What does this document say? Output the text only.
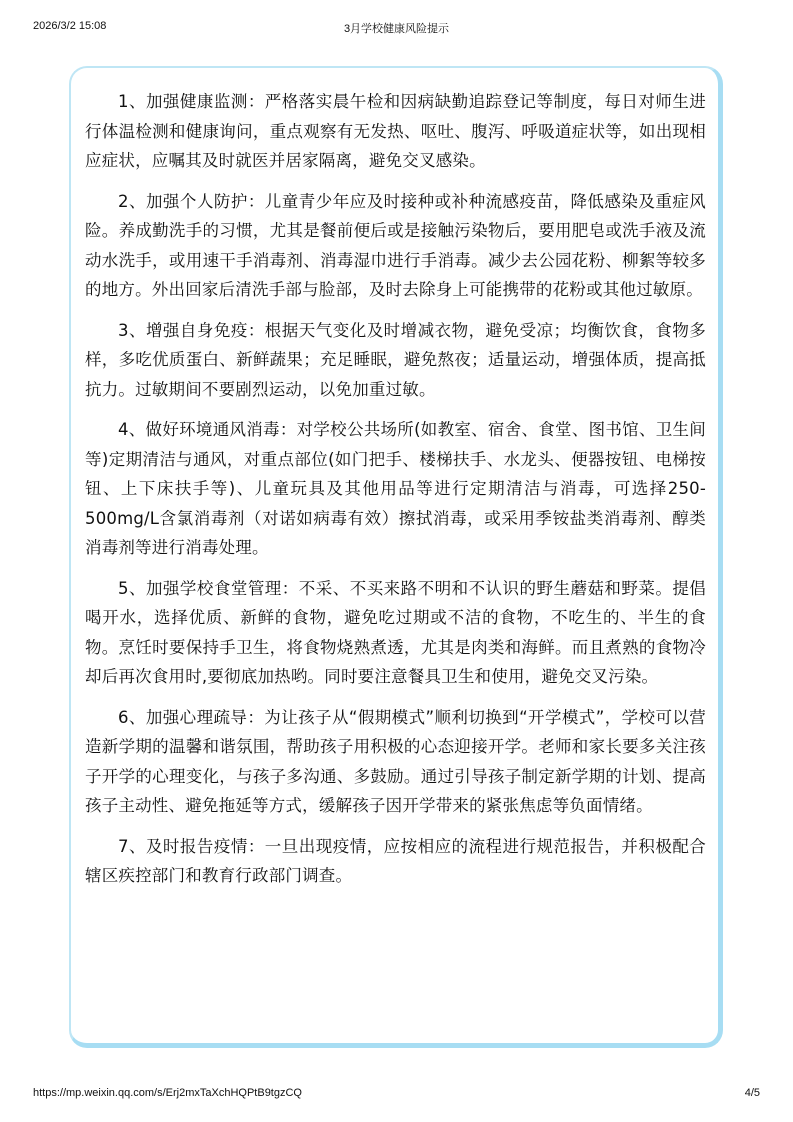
2026/3/2 15:08	3月学校健康风险提示

1、加强健康监测：严格落实晨午检和因病缺勤追踪登记等制度，每日对师生进行体温检测和健康询问，重点观察有无发热、呕吐、腹泻、呼吸道症状等，如出现相应症状，应嘱其及时就医并居家隔离，避免交叉感染。

2、加强个人防护：儿童青少年应及时接种或补种流感疫苗，降低感染及重症风险。养成勤洗手的习惯，尤其是餐前便后或是接触污染物后，要用肥皂或洗手液及流动水洗手，或用速干手消毒剂、消毒湿巾进行手消毒。减少去公园花粉、柳絮等较多的地方。外出回家后清洗手部与脸部，及时去除身上可能携带的花粉或其他过敏原。

3、增强自身免疫：根据天气变化及时增减衣物，避免受凉；均衡饮食，食物多样，多吃优质蛋白、新鲜蔬果；充足睡眠，避免熬夜；适量运动，增强体质，提高抵抗力。过敏期间不要剧烈运动，以免加重过敏。

4、做好环境通风消毒：对学校公共场所(如教室、宿舍、食堂、图书馆、卫生间等)定期清洁与通风，对重点部位(如门把手、楼梯扶手、水龙头、便器按钮、电梯按钮、上下床扶手等)、儿童玩具及其他用品等进行定期清洁与消毒，可选择250-500mg/L含氯消毒剂（对诺如病毒有效）擦拭消毒，或采用季铵盐类消毒剂、醇类消毒剂等进行消毒处理。

5、加强学校食堂管理：不采、不买来路不明和不认识的野生蘑菇和野菜。提倡喝开水，选择优质、新鲜的食物，避免吃过期或不洁的食物，不吃生的、半生的食物。烹饪时要保持手卫生，将食物烧熟煮透，尤其是肉类和海鲜。而且煮熟的食物冷却后再次食用时,要彻底加热哟。同时要注意餐具卫生和使用，避免交叉污染。

6、加强心理疏导：为让孩子从“假期模式”顺利切换到“开学模式”，学校可以营造新学期的温馨和谐氛围，帮助孩子用积极的心态迎接开学。老师和家长要多关注孩子开学的心理变化，与孩子多沟通、多鼓励。通过引导孩子制定新学期的计划、提高孩子主动性、避免拖延等方式，缓解孩子因开学带来的紧张焦虑等负面情绪。

7、及时报告疫情：一旦出现疫情，应按相应的流程进行规范报告，并积极配合辖区疾控部门和教育行政部门调查。

https://mp.weixin.qq.com/s/Erj2mxTaXchHQPtB9tgzCQ	4/5
